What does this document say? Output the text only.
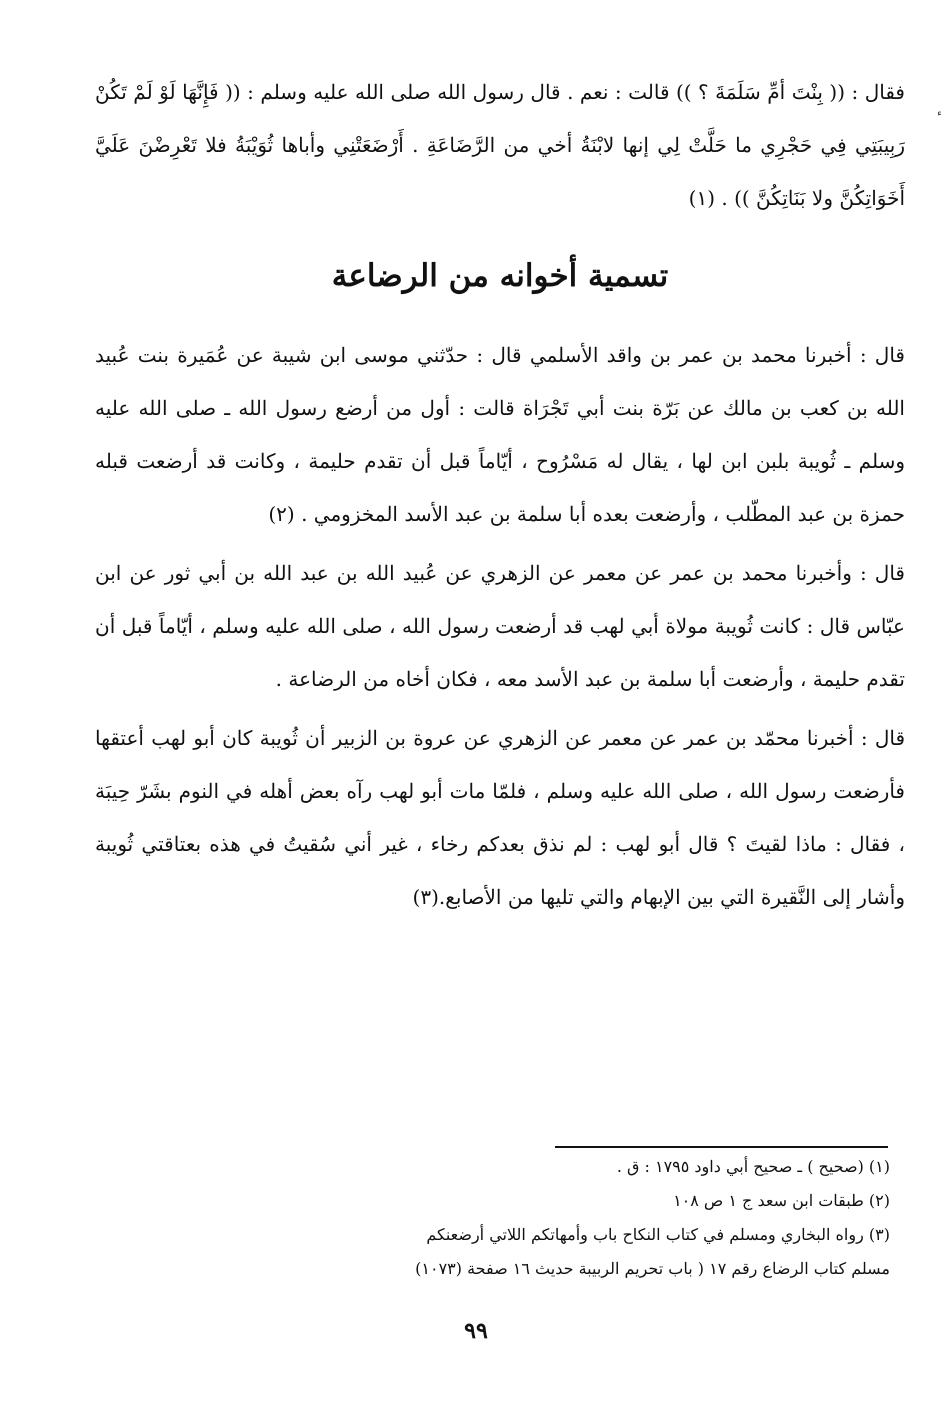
فقال : (( بِنْتَ أمِّ سَلَمَةَ ؟ )) قالت : نعم . قال رسول الله صلى الله عليه وسلم : (( فَإِنَّهَا لَوْ لَمْ تَكُنْ رَبِيبَتِي فِي حَجْرِي ما حَلَّتْ لِي إنها لابْنَةُ أخي من الرَّضَاعَةِ . أَرْضَعَتْنِي وأباها ثُوَيْبَةُ فلا تَعْرِضْنَ عَلَيَّ أَخَوَاتِكُنَّ ولا بَنَاتِكُنَّ )) . (١)

تسمية أخوانه من الرضاعة

قال : أخبرنا محمد بن عمر بن واقد الأسلمي قال : حدّثني موسى ابن شيبة عن عُمَيرة بنت عُبيد الله بن كعب بن مالك عن بَرّة بنت أبي تَجْرَاة قالت : أول من أرضع رسول الله ـ صلى الله عليه وسلم ـ ثُويبة بلبن ابن لها ، يقال له مَسْرُوح ، أيّاماً قبل أن تقدم حليمة ، وكانت قد أرضعت قبله حمزة بن عبد المطّلب ، وأرضعت بعده أبا سلمة بن عبد الأسد المخزومي . (٢)

قال : وأخبرنا محمد بن عمر عن معمر عن الزهري عن عُبيد الله بن عبد الله بن أبي ثور عن ابن عبّاس قال : كانت ثُويبة مولاة أبي لهب قد أرضعت رسول الله ، صلى الله عليه وسلم ، أيّاماً قبل أن تقدم حليمة ، وأرضعت أبا سلمة بن عبد الأسد معه ، فكان أخاه من الرضاعة .

قال : أخبرنا محمّد بن عمر عن معمر عن الزهري عن عروة بن الزبير أن ثُويبة كان أبو لهب أعتقها فأرضعت رسول الله ، صلى الله عليه وسلم ، فلمّا مات أبو لهب رآه بعض أهله في النوم بشَرّ حِيبَة ، فقال : ماذا لقيتَ ؟ قال أبو لهب : لم نذق بعدكم رخاء ، غير أني سُقيتُ في هذه بعتاقتي ثُويبة وأشار إلى النَّقيرة التي بين الإبهام والتي تليها من الأصابع.(٣)

(١) (صحيح ) ـ صحيح أبي داود ١٧٩٥ : ق .

(٢) طبقات ابن سعد ج ١ ص ١٠٨

(٣) رواه البخاري ومسلم في كتاب النكاح باب وأمهاتكم اللاتي أرضعنكم

مسلم كتاب الرضاع رقم ١٧ ( باب تحريم الربيبة حديث ١٦ صفحة (١٠٧٣)

٩٩
